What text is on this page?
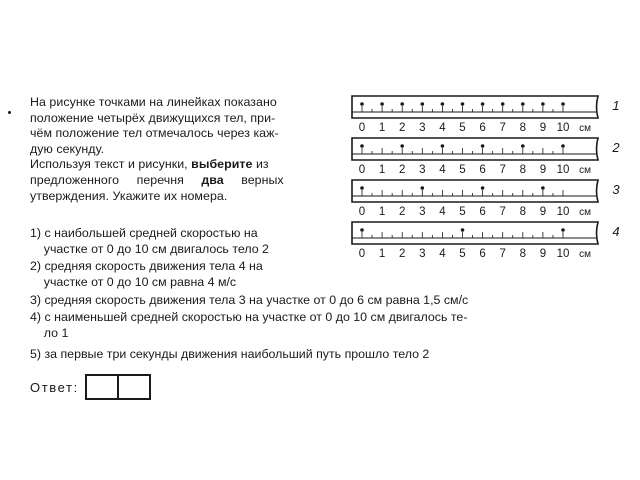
На рисунке точками на линейках показано

положение четырёх движущихся тел, при-

чём положение тел отмечалось через каж-

дую секунду.

Используя текст и рисунки, выберите из

предложенного     перечня     два     верных

утверждения. Укажите их номера.

1) с наибольшей средней скоростью на
участке от 0 до 10 см двигалось тело 2
2) средняя скорость движения тела 4 на
участке от 0 до 10 см равна 4 м/с
3) средняя скорость движения тела 3 на участке от 0 до 6 см равна 1,5 см/с
4) с наименьшей средней скоростью на участке от 0 до 10 см двигалось те-
ло 1
5) за первые три секунды движения наибольший путь прошло тело 2
Ответ:
0 1 2 3 4 5 6 7 8 9 10 см
1
0 1 2 3 4 5 6 7 8 9 10 см
2
0 1 2 3 4 5 6 7 8 9 10 см
3
0 1 2 3 4 5 6 7 8 9 10 см
4
